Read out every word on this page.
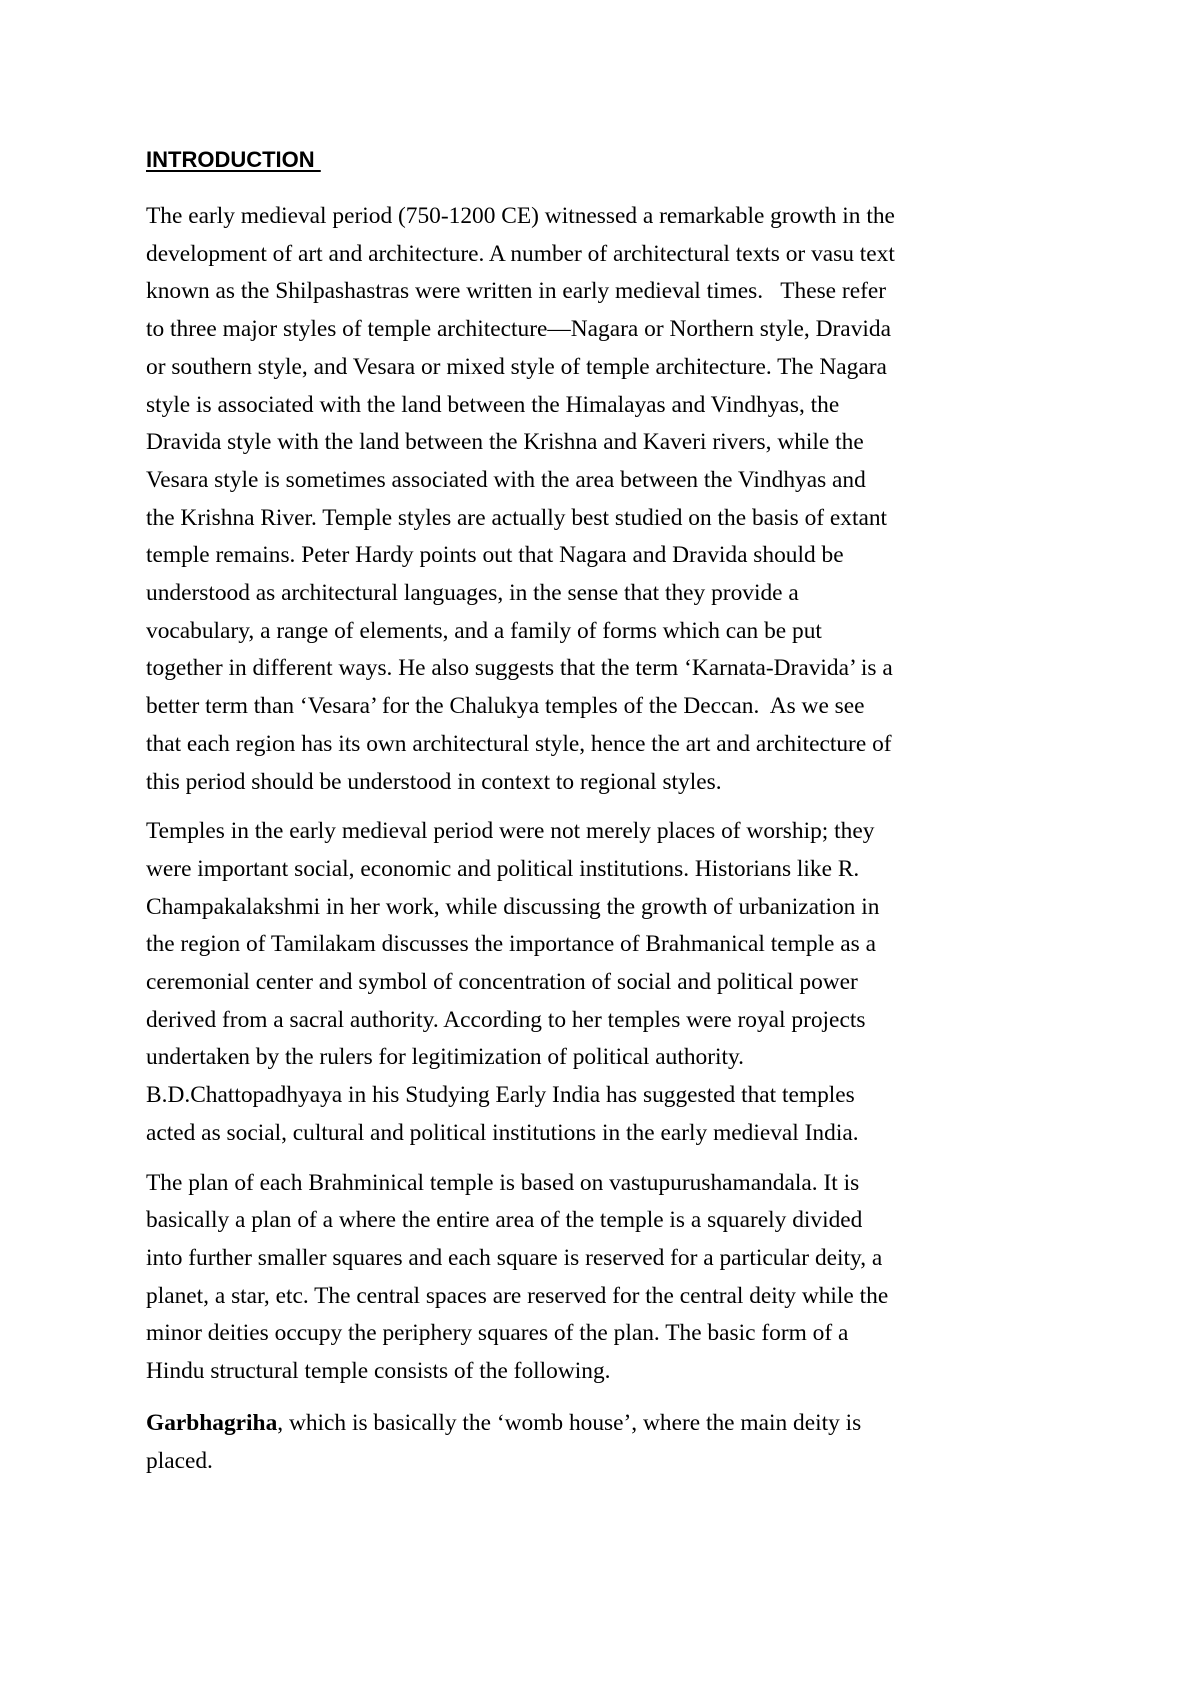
INTRODUCTION

The early medieval period (750-1200 CE) witnessed a remarkable growth in the
development of art and architecture. A number of architectural texts or vasu text
known as the Shilpashastras were written in early medieval times.   These refer
to three major styles of temple architecture—Nagara or Northern style, Dravida
or southern style, and Vesara or mixed style of temple architecture. The Nagara
style is associated with the land between the Himalayas and Vindhyas, the
Dravida style with the land between the Krishna and Kaveri rivers, while the
Vesara style is sometimes associated with the area between the Vindhyas and
the Krishna River. Temple styles are actually best studied on the basis of extant
temple remains. Peter Hardy points out that Nagara and Dravida should be
understood as architectural languages, in the sense that they provide a
vocabulary, a range of elements, and a family of forms which can be put
together in different ways. He also suggests that the term ‘Karnata-Dravida’ is a
better term than ‘Vesara’ for the Chalukya temples of the Deccan.  As we see
that each region has its own architectural style, hence the art and architecture of
this period should be understood in context to regional styles.

Temples in the early medieval period were not merely places of worship; they
were important social, economic and political institutions. Historians like R.
Champakalakshmi in her work, while discussing the growth of urbanization in
the region of Tamilakam discusses the importance of Brahmanical temple as a
ceremonial center and symbol of concentration of social and political power
derived from a sacral authority. According to her temples were royal projects
undertaken by the rulers for legitimization of political authority.
B.D.Chattopadhyaya in his Studying Early India has suggested that temples
acted as social, cultural and political institutions in the early medieval India.

The plan of each Brahminical temple is based on vastupurushamandala. It is
basically a plan of a where the entire area of the temple is a squarely divided
into further smaller squares and each square is reserved for a particular deity, a
planet, a star, etc. The central spaces are reserved for the central deity while the
minor deities occupy the periphery squares of the plan. The basic form of a
Hindu structural temple consists of the following.

Garbhagriha, which is basically the ‘womb house’, where the main deity is
placed.
